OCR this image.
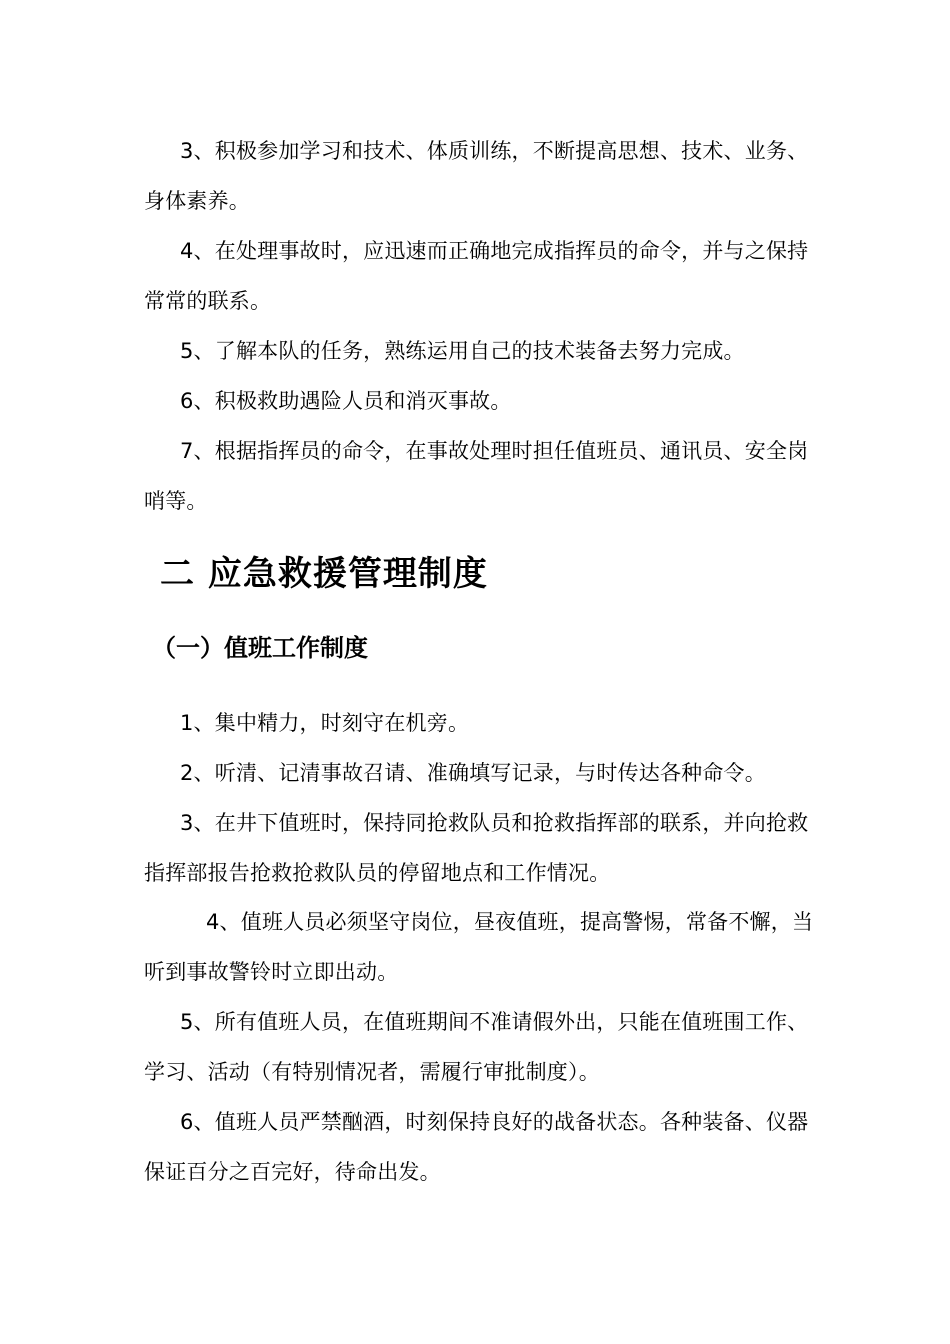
3、积极参加学习和技术、体质训练，不断提高思想、技术、业务、身体素养。

4、在处理事故时，应迅速而正确地完成指挥员的命令，并与之保持常常的联系。

5、了解本队的任务，熟练运用自己的技术装备去努力完成。

6、积极救助遇险人员和消灭事故。

7、根据指挥员的命令，在事故处理时担任值班员、通讯员、安全岗哨等。

二 应急救援管理制度
（一）值班工作制度

1、集中精力，时刻守在机旁。

2、听清、记清事故召请、准确填写记录，与时传达各种命令。

3、在井下值班时，保持同抢救队员和抢救指挥部的联系，并向抢救指挥部报告抢救抢救队员的停留地点和工作情况。

4、值班人员必须坚守岗位，昼夜值班，提高警惕，常备不懈，当听到事故警铃时立即出动。

5、所有值班人员，在值班期间不准请假外出，只能在值班围工作、学习、活动（有特别情况者，需履行审批制度）。

6、值班人员严禁酗酒，时刻保持良好的战备状态。各种装备、仪器保证百分之百完好，待命出发。
